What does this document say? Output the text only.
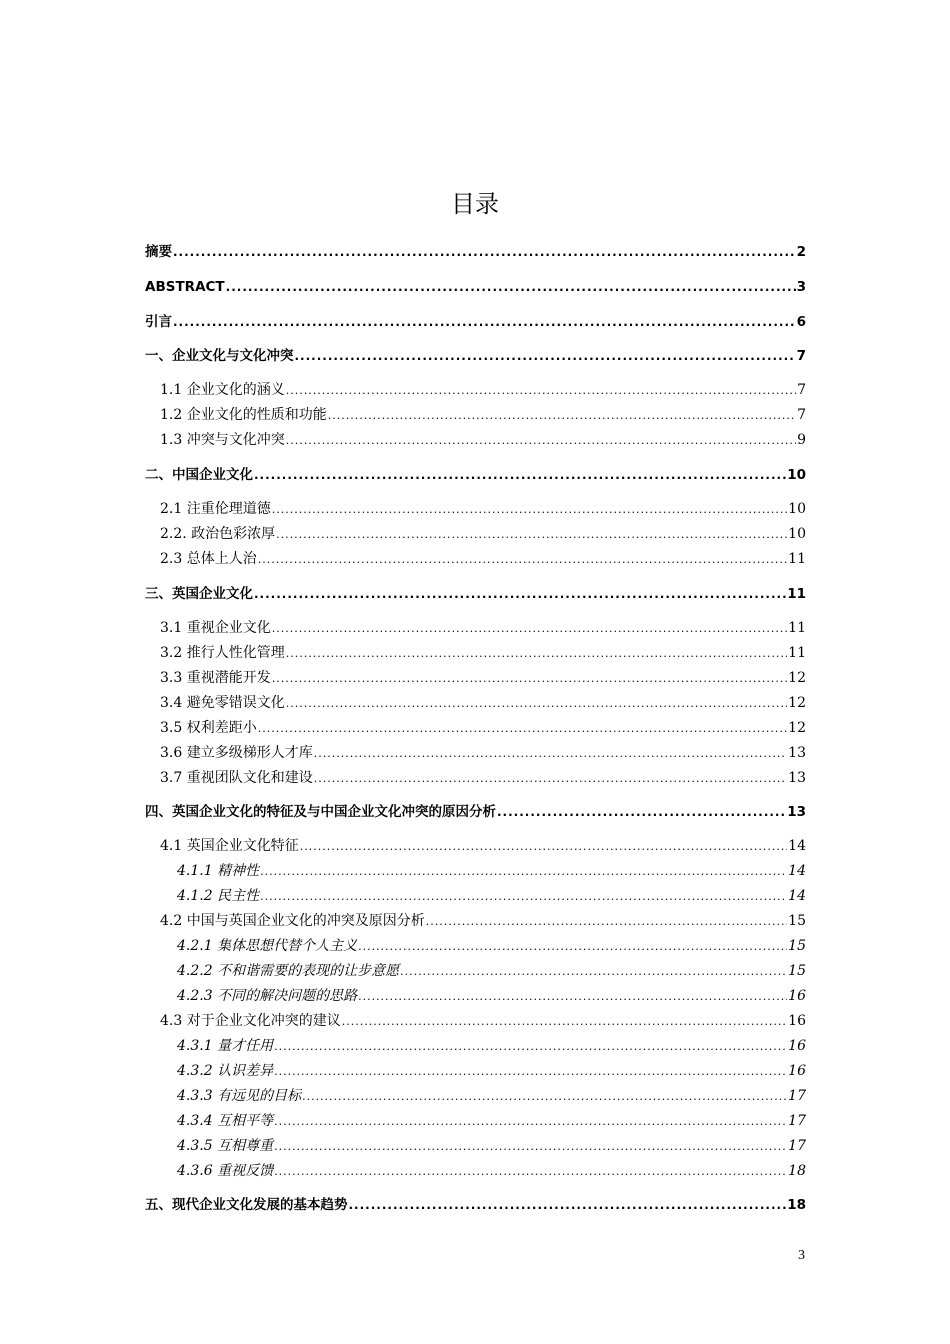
目录
摘要 .....	2
ABSTRACT .....	3
引言 .....	6
一、企业文化与文化冲突 .....	7
1.1 企业文化的涵义 .....	7
1.2 企业文化的性质和功能 .....	7
1.3 冲突与文化冲突 .....	9
二、中国企业文化 .....	10
2.1 注重伦理道德 .....	10
2.2. 政治色彩浓厚 .....	10
2.3 总体上人治 .....	11
三、英国企业文化 .....	11
3.1 重视企业文化 .....	11
3.2 推行人性化管理 .....	11
3.3 重视潜能开发 .....	12
3.4 避免零错误文化 .....	12
3.5 权利差距小 .....	12
3.6 建立多级梯形人才库 .....	13
3.7 重视团队文化和建设 .....	13
四、英国企业文化的特征及与中国企业文化冲突的原因分析 .....	13
4.1 英国企业文化特征 .....	14
4.1.1 精神性 .....	14
4.1.2 民主性 .....	14
4.2 中国与英国企业文化的冲突及原因分析 .....	15
4.2.1 集体思想代替个人主义 .....	15
4.2.2 不和谐需要的表现的让步意愿 .....	15
4.2.3 不同的解决问题的思路 .....	16
4.3 对于企业文化冲突的建议 .....	16
4.3.1 量才任用 .....	16
4.3.2 认识差异 .....	16
4.3.3 有远见的目标 .....	17
4.3.4 互相平等 .....	17
4.3.5 互相尊重 .....	17
4.3.6 重视反馈 .....	18
五、现代企业文化发展的基本趋势 .....	18
3
